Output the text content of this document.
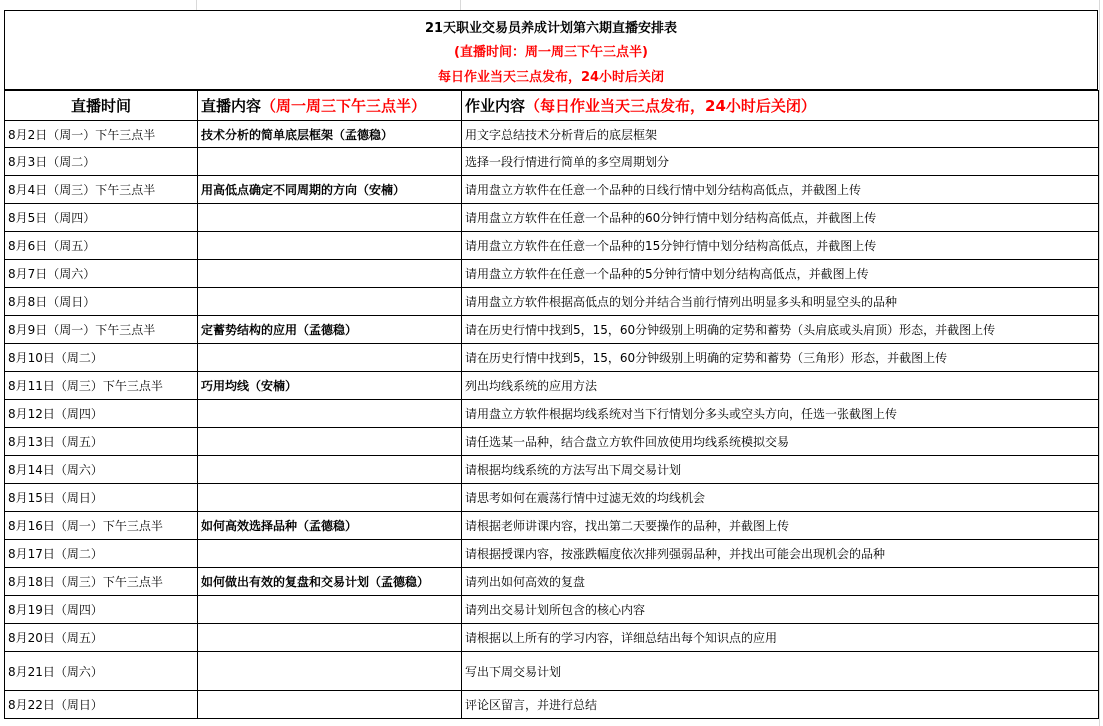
21天职业交易员养成计划第六期直播安排表
(直播时间：周一周三下午三点半)
每日作业当天三点发布，24小时后关闭
直播时间	直播内容（周一周三下午三点半）	作业内容（每日作业当天三点发布，24小时后关闭）
8月2日（周一）下午三点半	技术分析的简单底层框架（孟德稳）	用文字总结技术分析背后的底层框架
8月3日（周二）		选择一段行情进行简单的多空周期划分
8月4日（周三）下午三点半	用高低点确定不同周期的方向（安楠）	请用盘立方软件在任意一个品种的日线行情中划分结构高低点，并截图上传
8月5日（周四）		请用盘立方软件在任意一个品种的60分钟行情中划分结构高低点，并截图上传
8月6日（周五）		请用盘立方软件在任意一个品种的15分钟行情中划分结构高低点，并截图上传
8月7日（周六）		请用盘立方软件在任意一个品种的5分钟行情中划分结构高低点，并截图上传
8月8日（周日）		请用盘立方软件根据高低点的划分并结合当前行情列出明显多头和明显空头的品种
8月9日（周一）下午三点半	定蓄势结构的应用（孟德稳）	请在历史行情中找到5，15，60分钟级别上明确的定势和蓄势（头肩底或头肩顶）形态，并截图上传
8月10日（周二）		请在历史行情中找到5，15，60分钟级别上明确的定势和蓄势（三角形）形态，并截图上传
8月11日（周三）下午三点半	巧用均线（安楠）	列出均线系统的应用方法
8月12日（周四）		请用盘立方软件根据均线系统对当下行情划分多头或空头方向，任选一张截图上传
8月13日（周五）		请任选某一品种，结合盘立方软件回放使用均线系统模拟交易
8月14日（周六）		请根据均线系统的方法写出下周交易计划
8月15日（周日）		请思考如何在震荡行情中过滤无效的均线机会
8月16日（周一）下午三点半	如何高效选择品种（孟德稳）	请根据老师讲课内容，找出第二天要操作的品种，并截图上传
8月17日（周二）		请根据授课内容，按涨跌幅度依次排列强弱品种，并找出可能会出现机会的品种
8月18日（周三）下午三点半	如何做出有效的复盘和交易计划（孟德稳）	请列出如何高效的复盘
8月19日（周四）		请列出交易计划所包含的核心内容
8月20日（周五）		请根据以上所有的学习内容，详细总结出每个知识点的应用
8月21日（周六）		写出下周交易计划
8月22日（周日）		评论区留言，并进行总结
